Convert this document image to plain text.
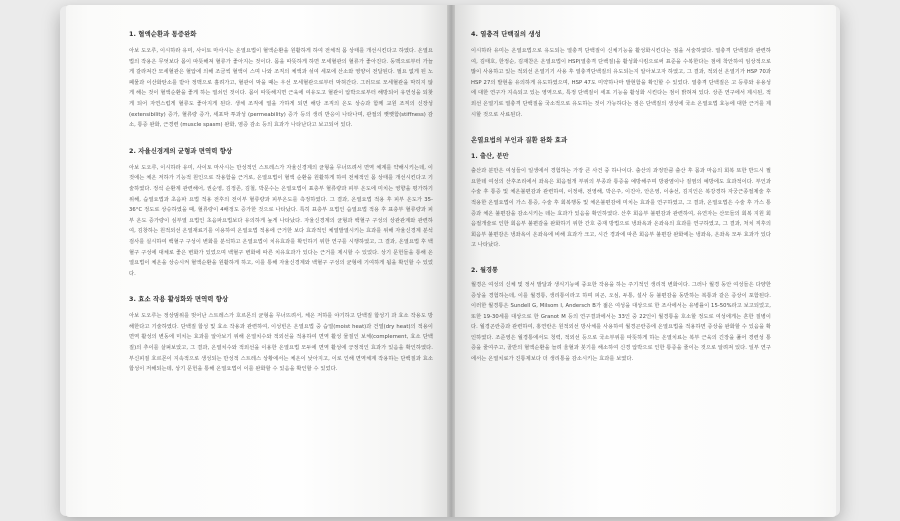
1. 혈액순환과 통증완화

아보 도오루, 이시하라 유미, 사이토 마사시는 온열요법이 혈액순환을 원활하게 하여 전체적 몸 상태를 개선시킨다고 하였다. 온열요법의 작용은 무엇보다 몸이 따뜻해져 혈류가 좋아지는 것이다. 몸을 따뜻하게 하면 모세혈관의 혈류가 좋아진다. 동맥으로부터 가늘게 갈라져간 모세혈관은 혈압에 의해 조금씩 혈액이 스며 나와 조직의 체액과 섞여 세포에 산소와 영양이 전달된다. 필요 없게 된 노폐물과 이산화탄소를 받아 정맥으로 흘려가고, 혈관이 막을 때는 우선 모세혈관으로부터 막혀간다. 그러므로 모세혈관을 막히지 않게 해는 것이 혈액순환을 좋게 하는 열쇠인 것이다. 몸이 따뜻해지면 근육에 여유도고 혈관이 압박으로부터 해방되어 유연성을 되찾게 되어 자연스럽게 혈류도 좋아지게 된다. 생체 조직에 열을 가하게 되면 해당 조직의 온도 상승과 함께 교원 조직의 신장성(extensibility) 증가, 혈류량 증가, 세포막 투과성 (permeability) 증가 등의 생리 반응이 나타나며, 관절의 뻣뻣함(stiffness) 감소, 통증 완화, 근경련 (muscle spasm) 완화, 염증 감소 등의 효과가 나타난다고 보고되어 있다.

2. 자율신경계의 균형과 면역력 향상

아보 도오루, 이시하라 유미, 사이토 마사시는 만성적인 스트레스가 자율신경계의 균형을 무너뜨려서 면역 체계를 약해시키는데, 이것에는 체온 저하가 기능적 원인으로 작용함을 근거로, 온열요법이 혈액 순환을 원활하게 하여 전체적인 몸 상태를 개선시킨다고 기술하였다. 정석 순환계 관련해어, 권순영, 김정존, 김철, 박문수는 온열요법이 표층부 혈류량과 피부 온도에 미치는 영향을 평가하기 위해, 습열요법과 초음파 요법 적용 전후의 전이부 혈류량과 피부온도를 측정하였다. 그 결과, 온열요법 적용 후 피부 온도가 35-36°C 정도로 상승하였을 때, 혈류량이 4배정도 증가한 것으로 나타났다. 특히 표층부 요법인 습열요법 적용 후 표층부 혈류량과 피부 온도 증가량이 심부열 요법인 초음파요법보다 유의하게 높게 나타났다. 자율신경계의 균형과 백혈구 구성의 상관관계와 관련하여, 김창하는 원적외선 온열재료기를 이용하여 온열요법 적용에 근거한 보다 효과적인 체열발열시키는 효과를 위해 자율신경계 분석검사를 실시하여 백혈구 구성이 변화를 분석하고 온열요법이 치유효과를 확인하기 위한 연구를 시행하였고, 그 결과, 온열요법 후 백혈구 구성에 대체로 좋은 변화가 있었으며 백혈구 변화에 따른 치유효과가 있다는 근거를 제시할 수 있었다. 상기 문헌들을 통해 온열요법이 체온을 상승시켜 혈액순환을 원활하게 하고, 이를 통해 자율신경계와 백혈구 구성의 균형에 기여하게 됨을 확인할 수 있었다.

3. 효소 작용 활성화와 면역력 향상

아보 도오루는 정상범위를 벗어난 스트레스가 호르몬의 균형을 무너뜨려서, 체온 저하를 야기하고 단백질 합성기 과 효소 작용도 방해한다고 기술하였다. 단백질 합성 및 효소 작용과 관련하여, 이성빈은 온열요법 중 습열(moist heat)과 건열(dry heat)의 적용이 면역 활성의 변동에 미치는 효과를 알아보기 위해 온열치수와 적외선을 적용하여 면역 활성 물질인 보체(complement, 효소 단백질)의 추이를 살펴보았고, 그 결과, 온열치수와 적외선을 이용한 온열요법 모두에 면역 활성에 긍정적인 효과가 있음을 확인하였다. 부신피질 호르몬이 지속적으로 생성되는 만성적 스트레스 상황에서는 체온이 낮아지고, 이로 인해 면역체계 작용하는 단백질과 효소 합성이 저해되는데, 상기 문헌을 통해 온열요법이 이를 완화할 수 있음을 확인할 수 있었다.

4. 열충격 단백질의 생성

이시하라 유미는 온열요법으로 유도되는 열충격 단백질이 신체기능을 활성화시킨다는 점을 서술하였다. 열충격 단백질과 관련하여, 김태호, 한정순, 김재찬은 온열요법이 HSP(열충격 단백질)을 활성화시킴으로써 표준을 수복한다는 점에 착안하여 임상적으로 많이 사용하고 있는 적외선 온열기기 사용 후 열충격단백질의 유도되는지 알아보고자 하였고, 그 결과, 적외선 온열기가 HSP 70과 HSP 27의 발현을 유의하게 유도하였으며, HSP 47도 미약하나마 발현함을 확인할 수 있었다. 열충격 단백질은 고 등류와 유용성에 대한 연구가 지속되고 있는 영역으로, 특정 단백질이 세포 기능을 활성화 시킨다는 점이 밝혀져 있다. 상존 연구에서 제시된, 적외선 온열기로 열충격 단백질을 국소적으로 유도하는 것이 가능하다는 점은 단백질의 생성에 국소 온열요법 효능에 대한 근거를 제시할 것으로 사료된다.

온열요법의 부인과 질환 완화 효과
1. 출산, 분만

출산과 분만은 여성들이 일생에서 경험하는 가장 큰 사건 중 하나이다. 출산의 과정만큼 출산 후 몸과 마음의 회복 또한 반드시 필요한데 여성의 산후조리에서 좌욕은 회음절개 부위의 부종과 통증을 예방해주며 방광염이나 질염의 예방에도 효과적이다. 부인과 수술 후 통증 및 체온불편감과 관련하여, 이정애, 전영해, 박은주, 이진아, 안은영, 이송선, 김지인은 복강경하 자궁근종절제술 후 적용한 온열요법이 가스 통증, 수술 후 회복행동 및 체온불편감에 미치는 효과를 연구하였고, 그 결과, 온열요법은 수술 후 가스 통증과 체온 불편감을 감소시키는 데는 효과가 있음을 확인하였다. 산후 회음부 불편감과 관련하여, 유연자는 산모들의 회복 지원 회음절개술로 인한 회음부 불편감을 완화하기 위한 간호 중재 방법으로 냉좌욕과 온좌욕의 효과를 연구하였고, 그 결과, 처치 직후의 회음부 불편감은 냉좌욕이 온좌욕에 비해 효과가 크고, 시간 경과에 따른 회음부 불편감 완화에는 냉좌욕, 온좌욕 모두 효과가 있다고 나타났다.

2. 월경통

월경은 여성의 신체 및 정서 발달과 생식기능에 중요한 작용을 하는 주기적인 생리적 변화이다. 그러나 월경 동안 여성들은 다양한 증상을 경험하는데, 이를 월경통, 생리통이라고 하며 피곤, 오심, 두통, 설사 등 불편감을 동반하는 복통과 같은 증상이 포함된다. 이러한 월경통은 Sundell G, Milsom I, Andersch B가 젊은 여성을 대상으로 한 조사에서는 유병률이 15-50%라고 보고되었고, 또한 19-30세를 대상으로 한 Granot M 등의 연구결과에서는 33인 중 22인이 월경통을 호소할 정도로 여성에게는 흔한 질병이다. 월경곤란증과 관련하여, 홍연란은 원적외선 방사체를 사용하여 월경곤란증에 온열요법을 적용하면 증상을 완화할 수 있음을 확인하였다. 조준영은 월경통에서도 청력, 적외선 등으로 국소부위를 따뜻하게 하는 온열치료는 복부 근육의 긴장을 풀어 경련성 통증을 줄여주고, 골반의 혈액순환을 늘려 울혈과 붓기를 해소하여 신경 압박으로 인한 통증을 줄이는 것으로 알려져 있다. 일부 연구에서는 온열치료가 진통제보다 더 생리통을 감소시키는 효과를 보였다.
